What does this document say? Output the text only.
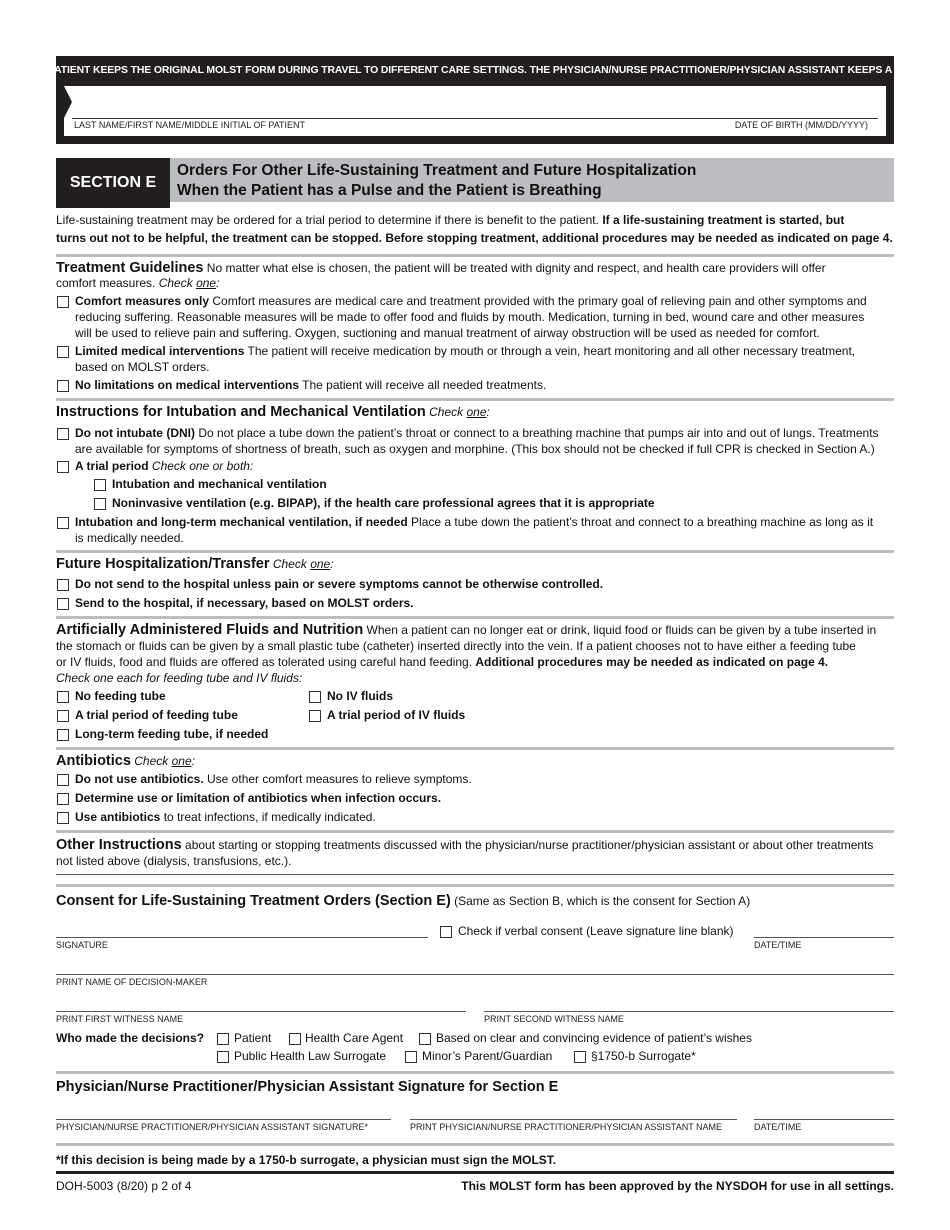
THE PATIENT KEEPS THE ORIGINAL MOLST FORM DURING TRAVEL TO DIFFERENT CARE SETTINGS. THE PHYSICIAN/NURSE PRACTITIONER/PHYSICIAN ASSISTANT KEEPS A COPY.
LAST NAME/FIRST NAME/MIDDLE INITIAL OF PATIENT	DATE OF BIRTH (MM/DD/YYYY)
SECTION E
Orders For Other Life-Sustaining Treatment and Future Hospitalization
When the Patient has a Pulse and the Patient is Breathing
Life-sustaining treatment may be ordered for a trial period to determine if there is benefit to the patient. If a life-sustaining treatment is started, but
turns out not to be helpful, the treatment can be stopped. Before stopping treatment, additional procedures may be needed as indicated on page 4.
Treatment Guidelines No matter what else is chosen, the patient will be treated with dignity and respect, and health care providers will offer
comfort measures. Check one:
Comfort measures only Comfort measures are medical care and treatment provided with the primary goal of relieving pain and other symptoms and
reducing suffering. Reasonable measures will be made to offer food and fluids by mouth. Medication, turning in bed, wound care and other measures
will be used to relieve pain and suffering. Oxygen, suctioning and manual treatment of airway obstruction will be used as needed for comfort.
Limited medical interventions The patient will receive medication by mouth or through a vein, heart monitoring and all other necessary treatment,
based on MOLST orders.
No limitations on medical interventions The patient will receive all needed treatments.
Instructions for Intubation and Mechanical Ventilation Check one:
Do not intubate (DNI) Do not place a tube down the patient’s throat or connect to a breathing machine that pumps air into and out of lungs. Treatments
are available for symptoms of shortness of breath, such as oxygen and morphine. (This box should not be checked if full CPR is checked in Section A.)
A trial period Check one or both:
Intubation and mechanical ventilation
Noninvasive ventilation (e.g. BIPAP), if the health care professional agrees that it is appropriate
Intubation and long-term mechanical ventilation, if needed Place a tube down the patient’s throat and connect to a breathing machine as long as it
is medically needed.
Future Hospitalization/Transfer Check one:
Do not send to the hospital unless pain or severe symptoms cannot be otherwise controlled.
Send to the hospital, if necessary, based on MOLST orders.
Artificially Administered Fluids and Nutrition When a patient can no longer eat or drink, liquid food or fluids can be given by a tube inserted in
the stomach or fluids can be given by a small plastic tube (catheter) inserted directly into the vein. If a patient chooses not to have either a feeding tube
or IV fluids, food and fluids are offered as tolerated using careful hand feeding. Additional procedures may be needed as indicated on page 4.
Check one each for feeding tube and IV fluids:
No feeding tube	No IV fluids
A trial period of feeding tube	A trial period of IV fluids
Long-term feeding tube, if needed
Antibiotics Check one:
Do not use antibiotics. Use other comfort measures to relieve symptoms.
Determine use or limitation of antibiotics when infection occurs.
Use antibiotics to treat infections, if medically indicated.
Other Instructions about starting or stopping treatments discussed with the physician/nurse practitioner/physician assistant or about other treatments
not listed above (dialysis, transfusions, etc.).
Consent for Life-Sustaining Treatment Orders (Section E) (Same as Section B, which is the consent for Section A)
Check if verbal consent (Leave signature line blank)
SIGNATURE	DATE/TIME
PRINT NAME OF DECISION-MAKER
PRINT FIRST WITNESS NAME	PRINT SECOND WITNESS NAME
Who made the decisions? Patient	Health Care Agent	Based on clear and convincing evidence of patient’s wishes
Public Health Law Surrogate	Minor’s Parent/Guardian	§1750-b Surrogate*
Physician/Nurse Practitioner/Physician Assistant Signature for Section E
PHYSICIAN/NURSE PRACTITIONER/PHYSICIAN ASSISTANT SIGNATURE*	PRINT PHYSICIAN/NURSE PRACTITIONER/PHYSICIAN ASSISTANT NAME	DATE/TIME
*If this decision is being made by a 1750-b surrogate, a physician must sign the MOLST.
DOH-5003 (8/20) p 2 of 4	This MOLST form has been approved by the NYSDOH for use in all settings.
